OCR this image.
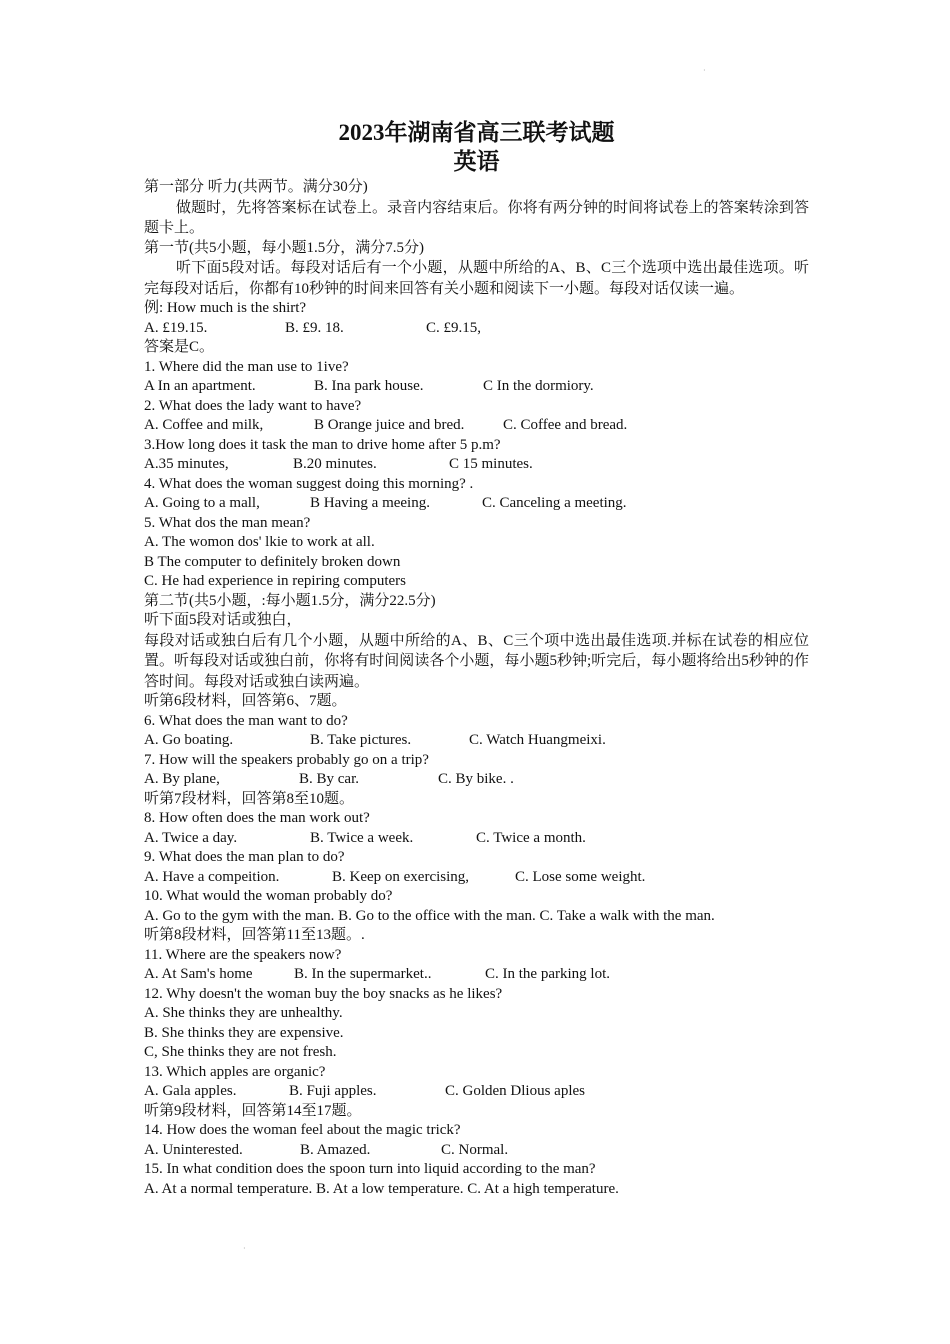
·
·
2023年湖南省高三联考试题
英语
第一部分 听力(共两节。满分30分)
做题时，先将答案标在试卷上。录音内容结束后。你将有两分钟的时间将试卷上的答案转涂到答题卡上。
第一节(共5小题，每小题1.5分，满分7.5分)
听下面5段对话。每段对话后有一个小题，从题中所给的A、B、C三个选项中选出最佳选项。听完每段对话后，你都有10秒钟的时间来回答有关小题和阅读下一小题。每段对话仅读一遍。
例: How much is the shirt?
A. £19.15.	B. £9. 18.	C. £9.15,
答案是C。
1. Where did the man use to 1ive?
A In an apartment.	B. Ina park house.	C In the dormiory.
2. What does the lady want to have?
A. Coffee and milk,	B Orange juice and bred.	C. Coffee and bread.
3.How long does it task the man to drive home after 5 p.m?
A.35 minutes,	B.20 minutes.	C 15 minutes.
4. What does the woman suggest doing this morning? .
A. Going to a mall,	B Having a meeing.	C. Canceling a meeting.
5. What dos the man mean?
A. The womon dos' lkie to work at all.
B The computer to definitely broken down
C. He had experience in repiring computers
第二节(共5小题，:每小题1.5分，满分22.5分)
听下面5段对话或独白，
每段对话或独白后有几个小题，从题中所给的A、B、C三个项中选出最佳选项.并标在试卷的相应位置。听每段对话或独白前，你将有时间阅读各个小题，每小题5秒钟;听完后，每小题将给出5秒钟的作答时间。每段对话或独白读两遍。
听第6段材料，回答第6、7题。
6. What does the man want to do?
A. Go boating.	B. Take pictures.	C. Watch Huangmeixi.
7. How will the speakers probably go on a trip?
A. By plane,	B. By car.	C. By bike. .
听第7段材料，回答第8至10题。
8. How often does the man work out?
A. Twice a day.	B. Twice a week.	C. Twice a month.
9. What does the man plan to do?
A. Have a compeition.	B. Keep on exercising,	C. Lose some weight.
10. What would the woman probably do?
A. Go to the gym with the man. B. Go to the office with the man. C. Take a walk with the man.
听第8段材料，回答第11至13题。.
11. Where are the speakers now?
A. At Sam's home	B. In the supermarket..	C. In the parking lot.
12. Why doesn't the woman buy the boy snacks as he likes?
A. She thinks they are unhealthy.
B. She thinks they are expensive.
C, She thinks they are not fresh.
13. Which apples are organic?
A. Gala apples.	B. Fuji apples.	C. Golden Dlious aples
听第9段材料，回答第14至17题。
14. How does the woman feel about the magic trick?
A. Uninterested.	B. Amazed.	C. Normal.
15. In what condition does the spoon turn into liquid according to the man?
A. At a normal temperature. B. At a low temperature. C. At a high temperature.
